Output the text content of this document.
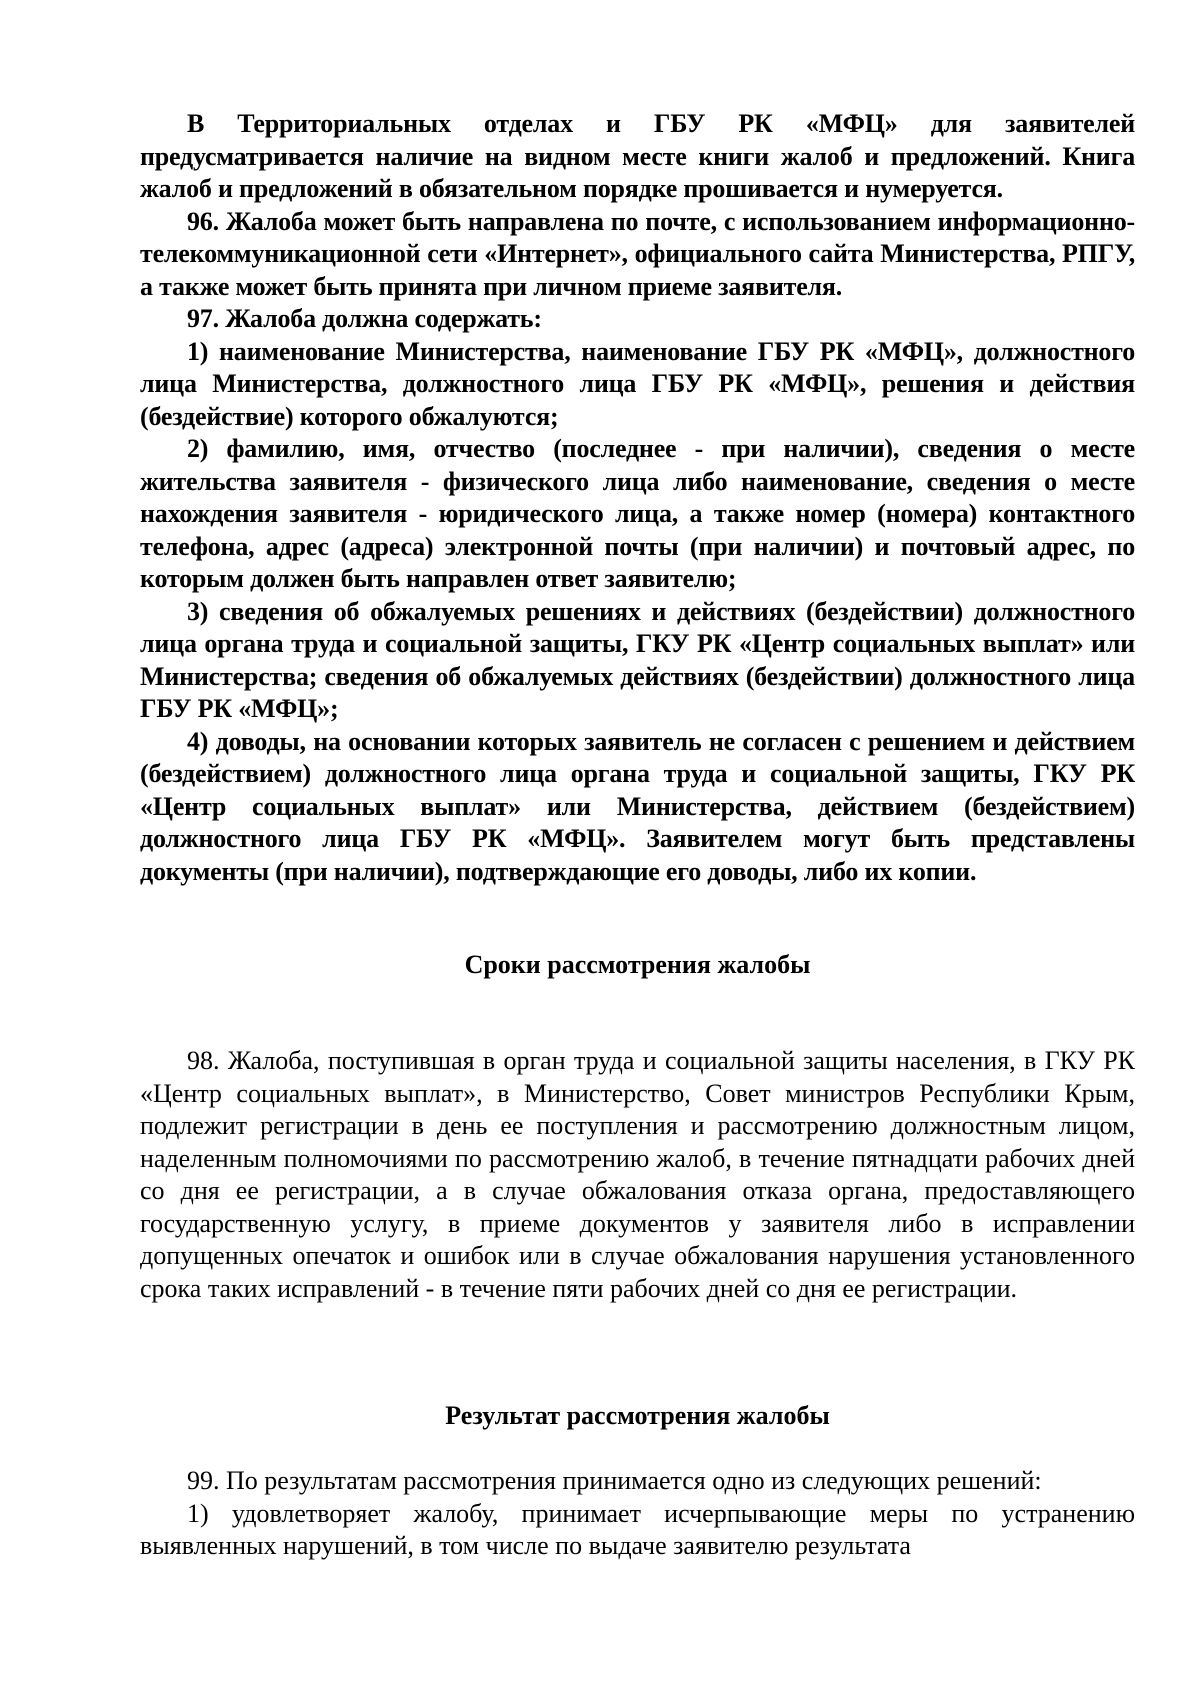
В Территориальных отделах и ГБУ РК «МФЦ» для заявителей предусматривается наличие на видном месте книги жалоб и предложений. Книга жалоб и предложений в обязательном порядке прошивается и нумеруется.

96. Жалоба может быть направлена по почте, с использованием информационно-телекоммуникационной сети «Интернет», официального сайта Министерства, РПГУ, а также может быть принята при личном приеме заявителя.

97. Жалоба должна содержать:

1) наименование Министерства, наименование ГБУ РК «МФЦ», должностного лица Министерства, должностного лица ГБУ РК «МФЦ», решения и действия (бездействие) которого обжалуются;

2) фамилию, имя, отчество (последнее - при наличии), сведения о месте жительства заявителя - физического лица либо наименование, сведения о месте нахождения заявителя - юридического лица, а также номер (номера) контактного телефона, адрес (адреса) электронной почты (при наличии) и почтовый адрес, по которым должен быть направлен ответ заявителю;

3) сведения об обжалуемых решениях и действиях (бездействии) должностного лица органа труда и социальной защиты, ГКУ РК «Центр социальных выплат» или Министерства; сведения об обжалуемых действиях (бездействии) должностного лица ГБУ РК «МФЦ»;

4) доводы, на основании которых заявитель не согласен с решением и действием (бездействием) должностного лица органа труда и социальной защиты, ГКУ РК «Центр социальных выплат» или Министерства, действием (бездействием) должностного лица ГБУ РК «МФЦ». Заявителем могут быть представлены документы (при наличии), подтверждающие его доводы, либо их копии.

Сроки рассмотрения жалобы

98. Жалоба, поступившая в орган труда и социальной защиты населения, в ГКУ РК «Центр социальных выплат», в Министерство, Совет министров Республики Крым, подлежит регистрации в день ее поступления и рассмотрению должностным лицом, наделенным полномочиями по рассмотрению жалоб, в течение пятнадцати рабочих дней со дня ее регистрации, а в случае обжалования отказа органа, предоставляющего государственную услугу, в приеме документов у заявителя либо в исправлении допущенных опечаток и ошибок или в случае обжалования нарушения установленного срока таких исправлений - в течение пяти рабочих дней со дня ее регистрации.

Результат рассмотрения жалобы

99. По результатам рассмотрения принимается одно из следующих решений:

1) удовлетворяет жалобу, принимает исчерпывающие меры по устранению выявленных нарушений, в том числе по выдаче заявителю результата
